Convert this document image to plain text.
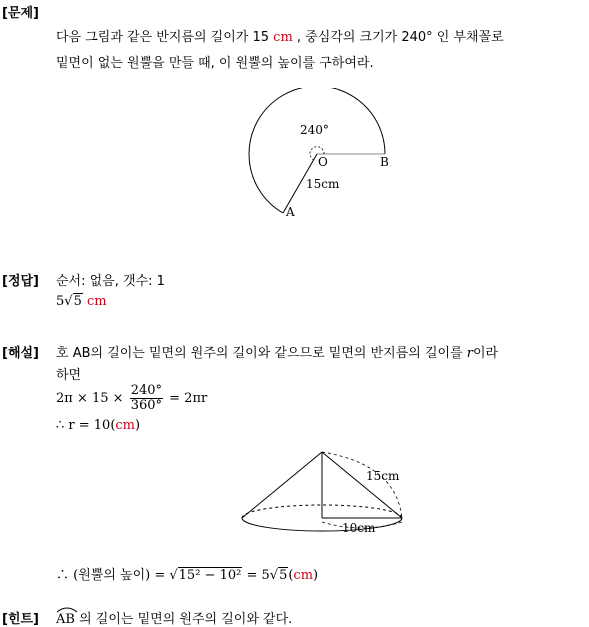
[문제]
다음 그림과 같은 반지름의 길이가 15 cm , 중심각의 크기가 240° 인 부채꼴로
밑면이 없는 원뿔을 만들 때, 이 원뿔의 높이를 구하여라.
240°
O	B
A
15cm
[정답] 순서: 없음, 갯수: 1
5√5 cm
[해설] 호 AB의 길이는 밑면의 원주의 길이와 같으므로 밑면의 반지름의 길이를 r이라
하면
$2\pi \times 15 \times \frac{240^\circ}{360^\circ} = 2\pi r$
∴ r = 10(cm)
15cm
10cm
∴ (원뿔의 높이) = √15² − 10² = 5√5(cm)
[힌트] AB 의 길이는 밑면의 원주의 길이와 같다.
